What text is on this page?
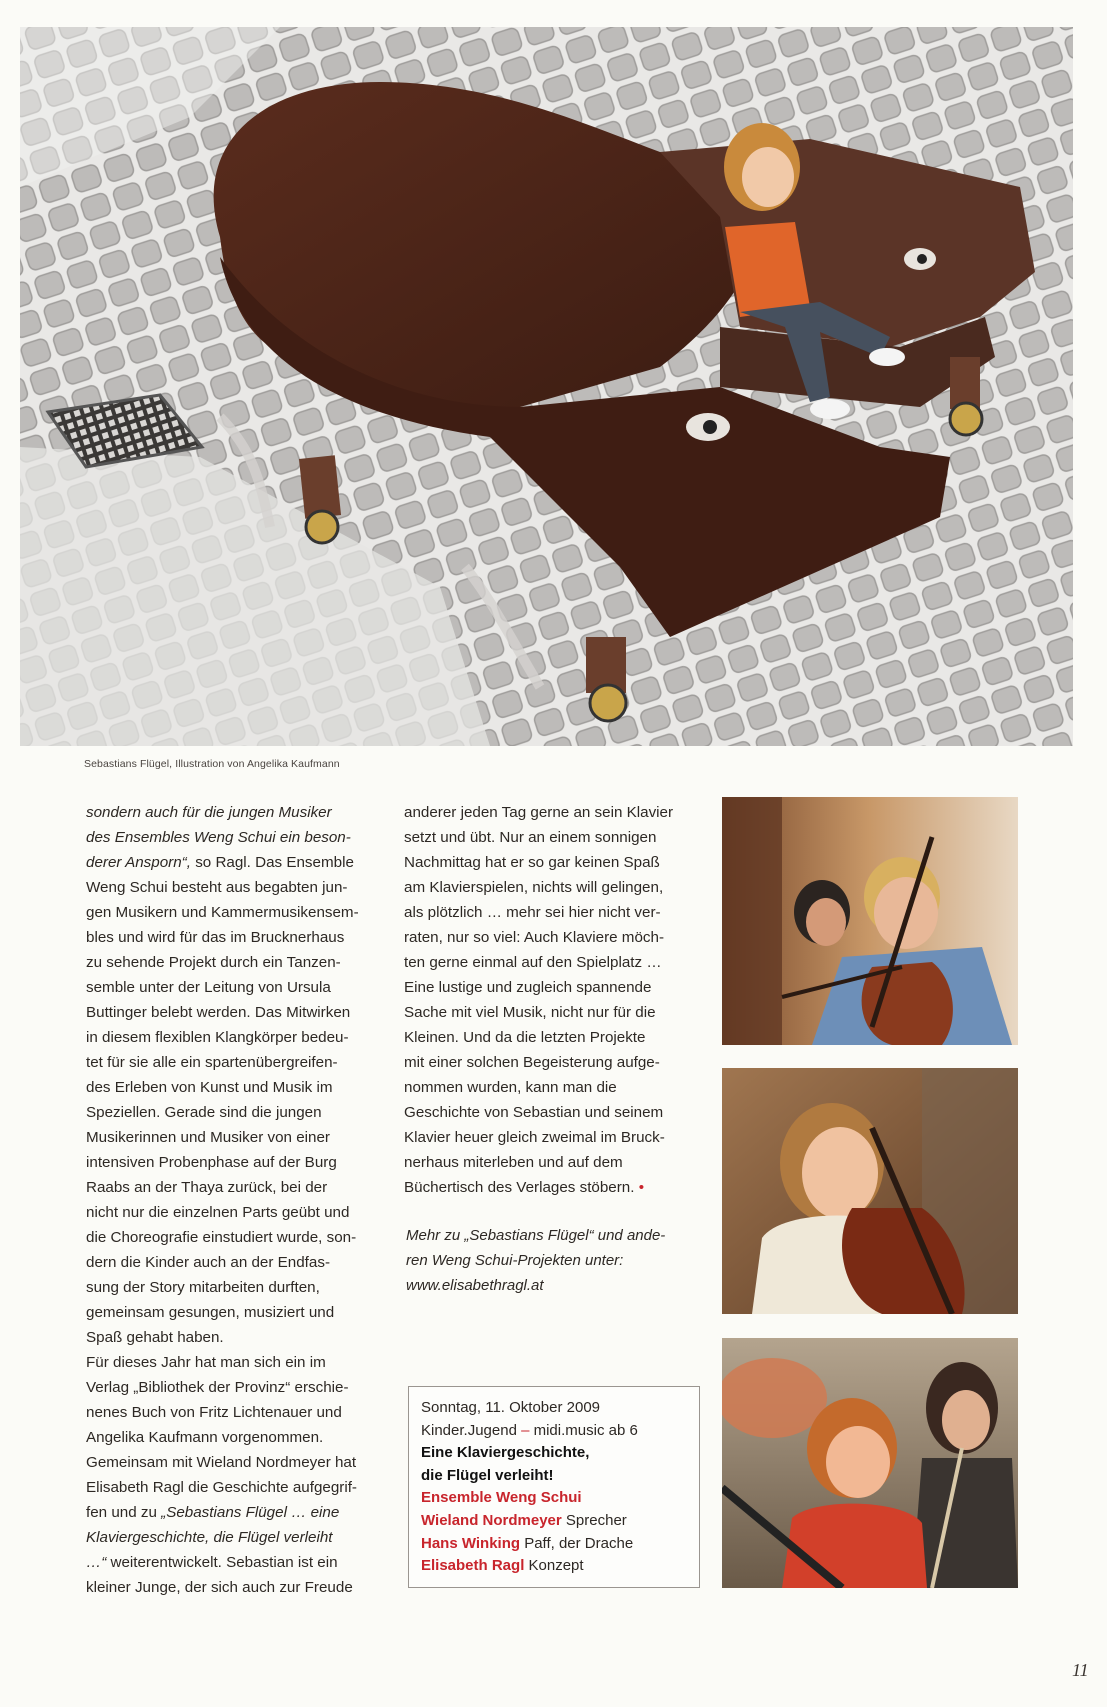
Sebastians Flügel, Illustration von Angelika Kaufmann
sondern auch für die jungen Musiker
des Ensembles Weng Schui ein beson-
derer Ansporn“, so Ragl. Das Ensemble
Weng Schui besteht aus begabten jun-
gen Musikern und Kammermusikensem-
bles und wird für das im Brucknerhaus
zu sehende Projekt durch ein Tanzen-
semble unter der Leitung von Ursula
Buttinger belebt werden. Das Mitwirken
in diesem flexiblen Klangkörper bedeu-
tet für sie alle ein spartenübergreifen-
des Erleben von Kunst und Musik im
Speziellen. Gerade sind die jungen
Musikerinnen und Musiker von einer
intensiven Probenphase auf der Burg
Raabs an der Thaya zurück, bei der
nicht nur die einzelnen Parts geübt und
die Choreografie einstudiert wurde, son-
dern die Kinder auch an der Endfas-
sung der Story mitarbeiten durften,
gemeinsam gesungen, musiziert und
Spaß gehabt haben.
Für dieses Jahr hat man sich ein im
Verlag „Bibliothek der Provinz“ erschie-
nenes Buch von Fritz Lichtenauer und
Angelika Kaufmann vorgenommen.
Gemeinsam mit Wieland Nordmeyer hat
Elisabeth Ragl die Geschichte aufgegrif-
fen und zu „Sebastians Flügel … eine
Klaviergeschichte, die Flügel verleiht
…“ weiterentwickelt. Sebastian ist ein
kleiner Junge, der sich auch zur Freude
anderer jeden Tag gerne an sein Klavier
setzt und übt. Nur an einem sonnigen
Nachmittag hat er so gar keinen Spaß
am Klavierspielen, nichts will gelingen,
als plötzlich … mehr sei hier nicht ver-
raten, nur so viel: Auch Klaviere möch-
ten gerne einmal auf den Spielplatz …
Eine lustige und zugleich spannende
Sache mit viel Musik, nicht nur für die
Kleinen. Und da die letzten Projekte
mit einer solchen Begeisterung aufge-
nommen wurden, kann man die
Geschichte von Sebastian und seinem
Klavier heuer gleich zweimal im Bruck-
nerhaus miterleben und auf dem
Büchertisch des Verlages stöbern. •
Mehr zu „Sebastians Flügel“ und ande-
ren Weng Schui-Projekten unter:
www.elisabethragl.at
Sonntag, 11. Oktober 2009
Kinder.Jugend – midi.music ab 6
Eine Klaviergeschichte,
die Flügel verleiht!
Ensemble Weng Schui
Wieland Nordmeyer Sprecher
Hans Winking Paff, der Drache
Elisabeth Ragl Konzept
11
